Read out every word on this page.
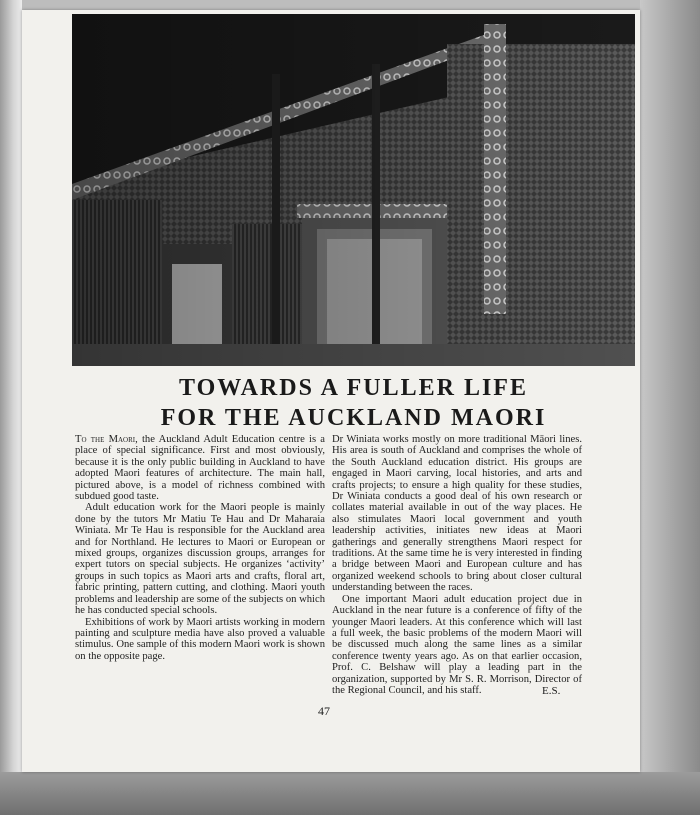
TOWARDS A FULLER LIFE
FOR THE AUCKLAND MAORI

To the Maori, the Auckland Adult Education centre is a place of special significance. First and most obviously, because it is the only public building in Auckland to have adopted Maori features of architecture. The main hall, pictured above, is a model of richness combined with subdued good taste.

Adult education work for the Maori people is mainly done by the tutors Mr Matiu Te Hau and Dr Maharaia Winiata. Mr Te Hau is responsible for the Auckland area and for Northland. He lectures to Maori or European or mixed groups, organizes discussion groups, arranges for expert tutors on special subjects. He organizes ‘activity’ groups in such topics as Maori arts and crafts, floral art, fabric printing, pattern cutting, and clothing. Maori youth problems and leadership are some of the subjects on which he has conducted special schools.

Exhibitions of work by Maori artists working in modern painting and sculpture media have also proved a valuable stimulus. One sample of this modern Maori work is shown on the opposite page.

Dr Winiata works mostly on more traditional Māori lines. His area is south of Auckland and comprises the whole of the South Auckland education district. His groups are engaged in Maori carving, local histories, and arts and crafts projects; to ensure a high quality for these studies, Dr Winiata conducts a good deal of his own research or collates material available in out of the way places. He also stimulates Maori local government and youth leadership activities, initiates new ideas at Maori gatherings and generally strengthens Maori respect for traditions. At the same time he is very interested in finding a bridge between Maori and European culture and has organized weekend schools to bring about closer cultural understanding between the races.

One important Maori adult education project due in Auckland in the near future is a conference of fifty of the younger Maori leaders. At this conference which will last a full week, the basic problems of the modern Maori will be discussed much along the same lines as a similar conference twenty years ago. As on that earlier occasion, Prof. C. Belshaw will play a leading part in the organization, supported by Mr S. R. Morrison, Director of the Regional Council, and his staff.	E.S.
47
